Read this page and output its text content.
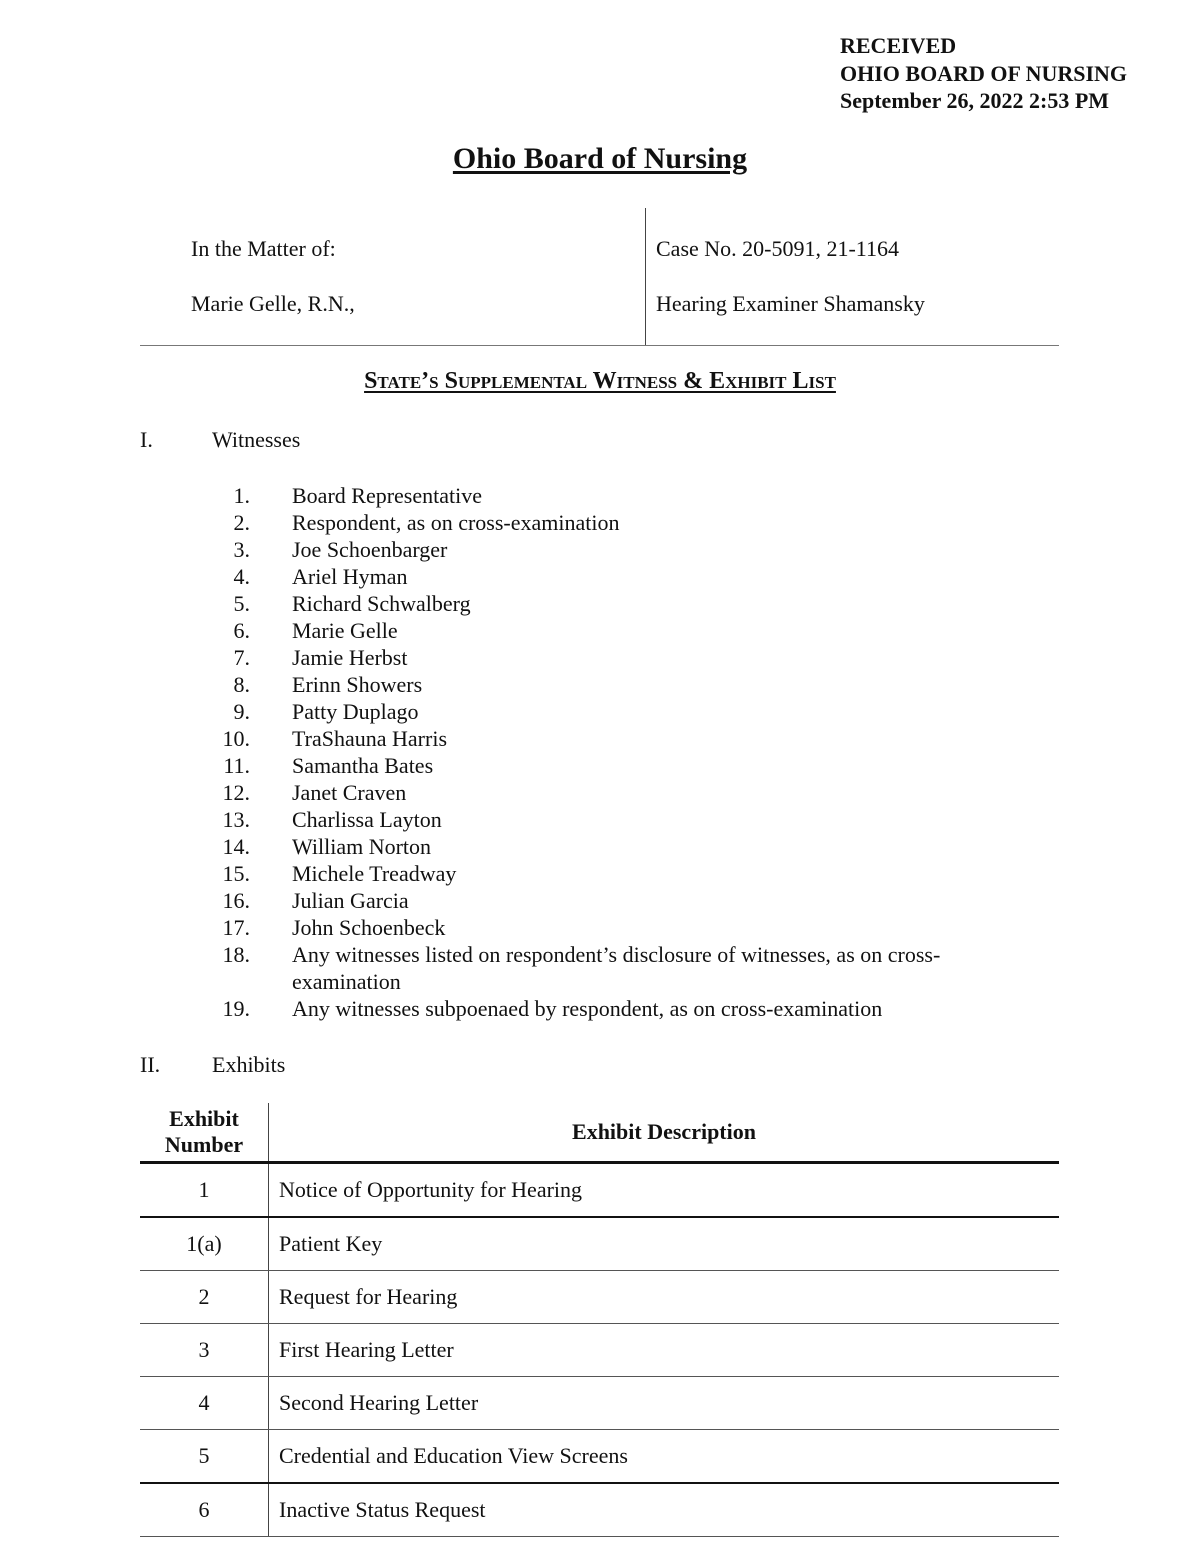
RECEIVED
OHIO BOARD OF NURSING
September 26, 2022 2:53 PM
Ohio Board of Nursing
In the Matter of:
Marie Gelle, R.N.,
Case No. 20-5091, 21-1164
Hearing Examiner Shamansky
State’s Supplemental Witness & Exhibit List
I.	Witnesses
1. Board Representative
2. Respondent, as on cross-examination
3. Joe Schoenbarger
4. Ariel Hyman
5. Richard Schwalberg
6. Marie Gelle
7. Jamie Herbst
8. Erinn Showers
9. Patty Duplago
10. TraShauna Harris
11. Samantha Bates
12. Janet Craven
13. Charlissa Layton
14. William Norton
15. Michele Treadway
16. Julian Garcia
17. John Schoenbeck
18. Any witnesses listed on respondent’s disclosure of witnesses, as on cross-examination
19. Any witnesses subpoenaed by respondent, as on cross-examination
II. Exhibits
Exhibit Number	Exhibit Description
1	Notice of Opportunity for Hearing
1(a)	Patient Key
2	Request for Hearing
3	First Hearing Letter
4	Second Hearing Letter
5	Credential and Education View Screens
6	Inactive Status Request
